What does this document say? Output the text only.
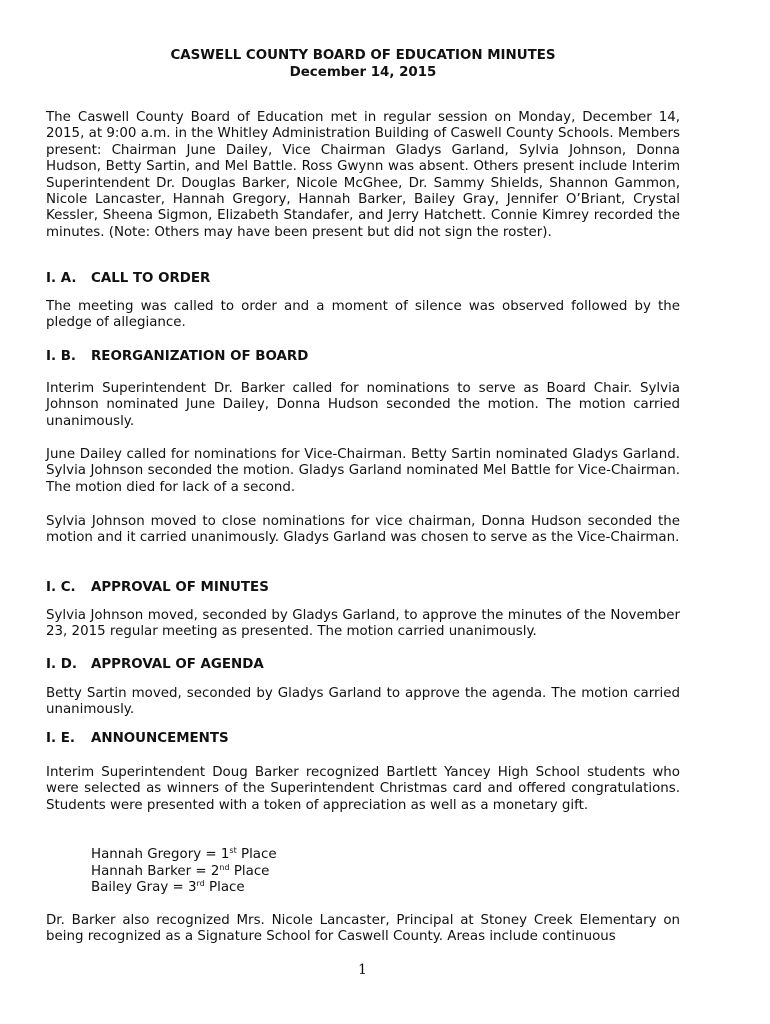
CASWELL COUNTY BOARD OF EDUCATION MINUTES
December 14, 2015

The Caswell County Board of Education met in regular session on Monday, December 14, 2015, at 9:00 a.m. in the Whitley Administration Building of Caswell County Schools. Members present: Chairman June Dailey, Vice Chairman Gladys Garland, Sylvia Johnson, Donna Hudson, Betty Sartin, and Mel Battle. Ross Gwynn was absent. Others present include Interim Superintendent Dr. Douglas Barker, Nicole McGhee, Dr. Sammy Shields, Shannon Gammon, Nicole Lancaster, Hannah Gregory, Hannah Barker, Bailey Gray, Jennifer O’Briant, Crystal Kessler, Sheena Sigmon, Elizabeth Standafer, and Jerry Hatchett. Connie Kimrey recorded the minutes. (Note: Others may have been present but did not sign the roster).

I. A. CALL TO ORDER

The meeting was called to order and a moment of silence was observed followed by the pledge of allegiance.

I. B. REORGANIZATION OF BOARD

Interim Superintendent Dr. Barker called for nominations to serve as Board Chair. Sylvia Johnson nominated June Dailey, Donna Hudson seconded the motion. The motion carried unanimously.

June Dailey called for nominations for Vice-Chairman. Betty Sartin nominated Gladys Garland. Sylvia Johnson seconded the motion. Gladys Garland nominated Mel Battle for Vice-Chairman. The motion died for lack of a second.

Sylvia Johnson moved to close nominations for vice chairman, Donna Hudson seconded the motion and it carried unanimously. Gladys Garland was chosen to serve as the Vice-Chairman.

I. C. APPROVAL OF MINUTES

Sylvia Johnson moved, seconded by Gladys Garland, to approve the minutes of the November 23, 2015 regular meeting as presented. The motion carried unanimously.

I. D. APPROVAL OF AGENDA

Betty Sartin moved, seconded by Gladys Garland to approve the agenda. The motion carried unanimously.

I. E. ANNOUNCEMENTS

Interim Superintendent Doug Barker recognized Bartlett Yancey High School students who were selected as winners of the Superintendent Christmas card and offered congratulations. Students were presented with a token of appreciation as well as a monetary gift.

Hannah Gregory = 1st Place
Hannah Barker = 2nd Place
Bailey Gray = 3rd Place

Dr. Barker also recognized Mrs. Nicole Lancaster, Principal at Stoney Creek Elementary on being recognized as a Signature School for Caswell County. Areas include continuous

1
